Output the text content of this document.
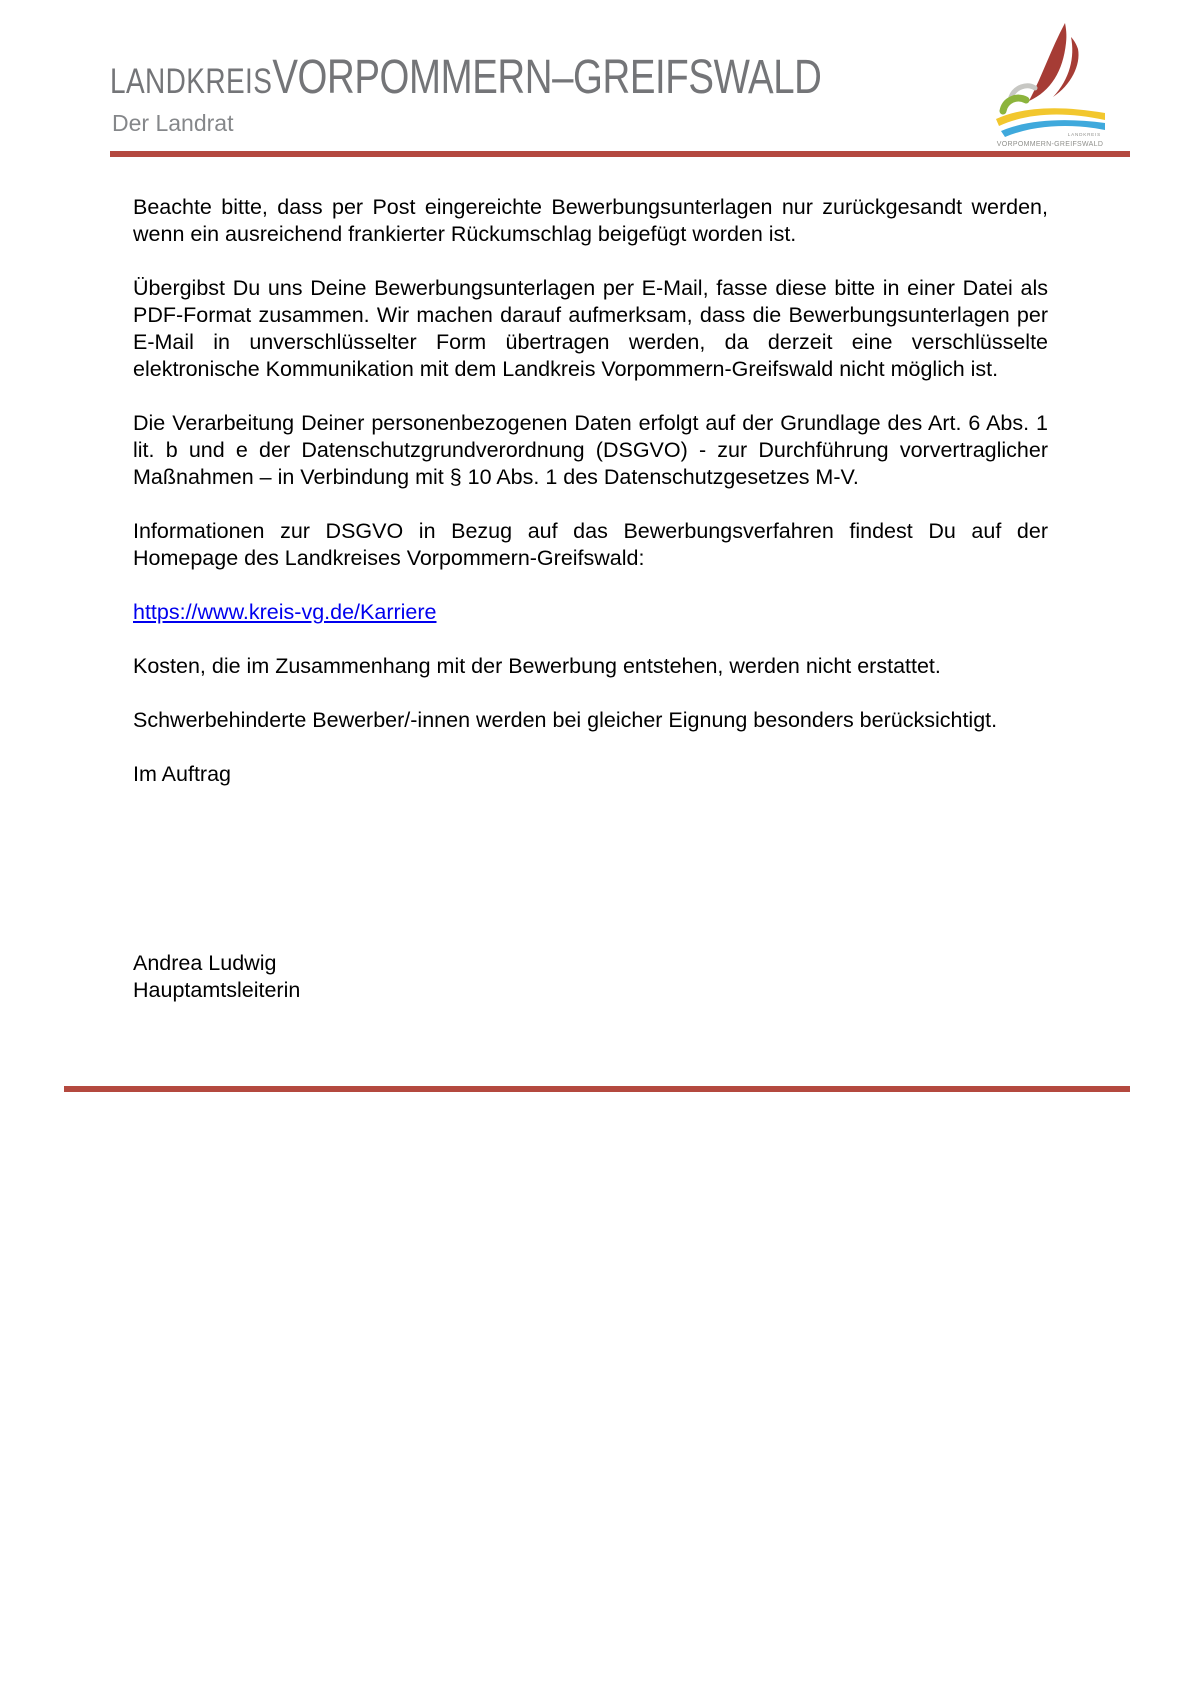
LANDKREIS VORPOMMERN–GREIFSWALD
Der Landrat	LANDKREIS
VORPOMMERN-GREIFSWALD

Beachte bitte, dass per Post eingereichte Bewerbungsunterlagen nur zurückgesandt werden, wenn ein ausreichend frankierter Rückumschlag beigefügt worden ist.

Übergibst Du uns Deine Bewerbungsunterlagen per E-Mail, fasse diese bitte in einer Datei als PDF-Format zusammen. Wir machen darauf aufmerksam, dass die Bewerbungsunterlagen per E-Mail in unverschlüsselter Form übertragen werden, da derzeit eine verschlüsselte elektronische Kommunikation mit dem Landkreis Vorpommern-Greifswald nicht möglich ist.

Die Verarbeitung Deiner personenbezogenen Daten erfolgt auf der Grundlage des Art. 6 Abs. 1 lit. b und e der Datenschutzgrundverordnung (DSGVO) - zur Durchführung vorvertraglicher Maßnahmen – in Verbindung mit § 10 Abs. 1 des Datenschutzgesetzes M-V.

Informationen zur DSGVO in Bezug auf das Bewerbungsverfahren findest Du auf der Homepage des Landkreises Vorpommern-Greifswald:

https://www.kreis-vg.de/Karriere

Kosten, die im Zusammenhang mit der Bewerbung entstehen, werden nicht erstattet.

Schwerbehinderte Bewerber/-innen werden bei gleicher Eignung besonders berücksichtigt.

Im Auftrag

Andrea Ludwig
Hauptamtsleiterin
